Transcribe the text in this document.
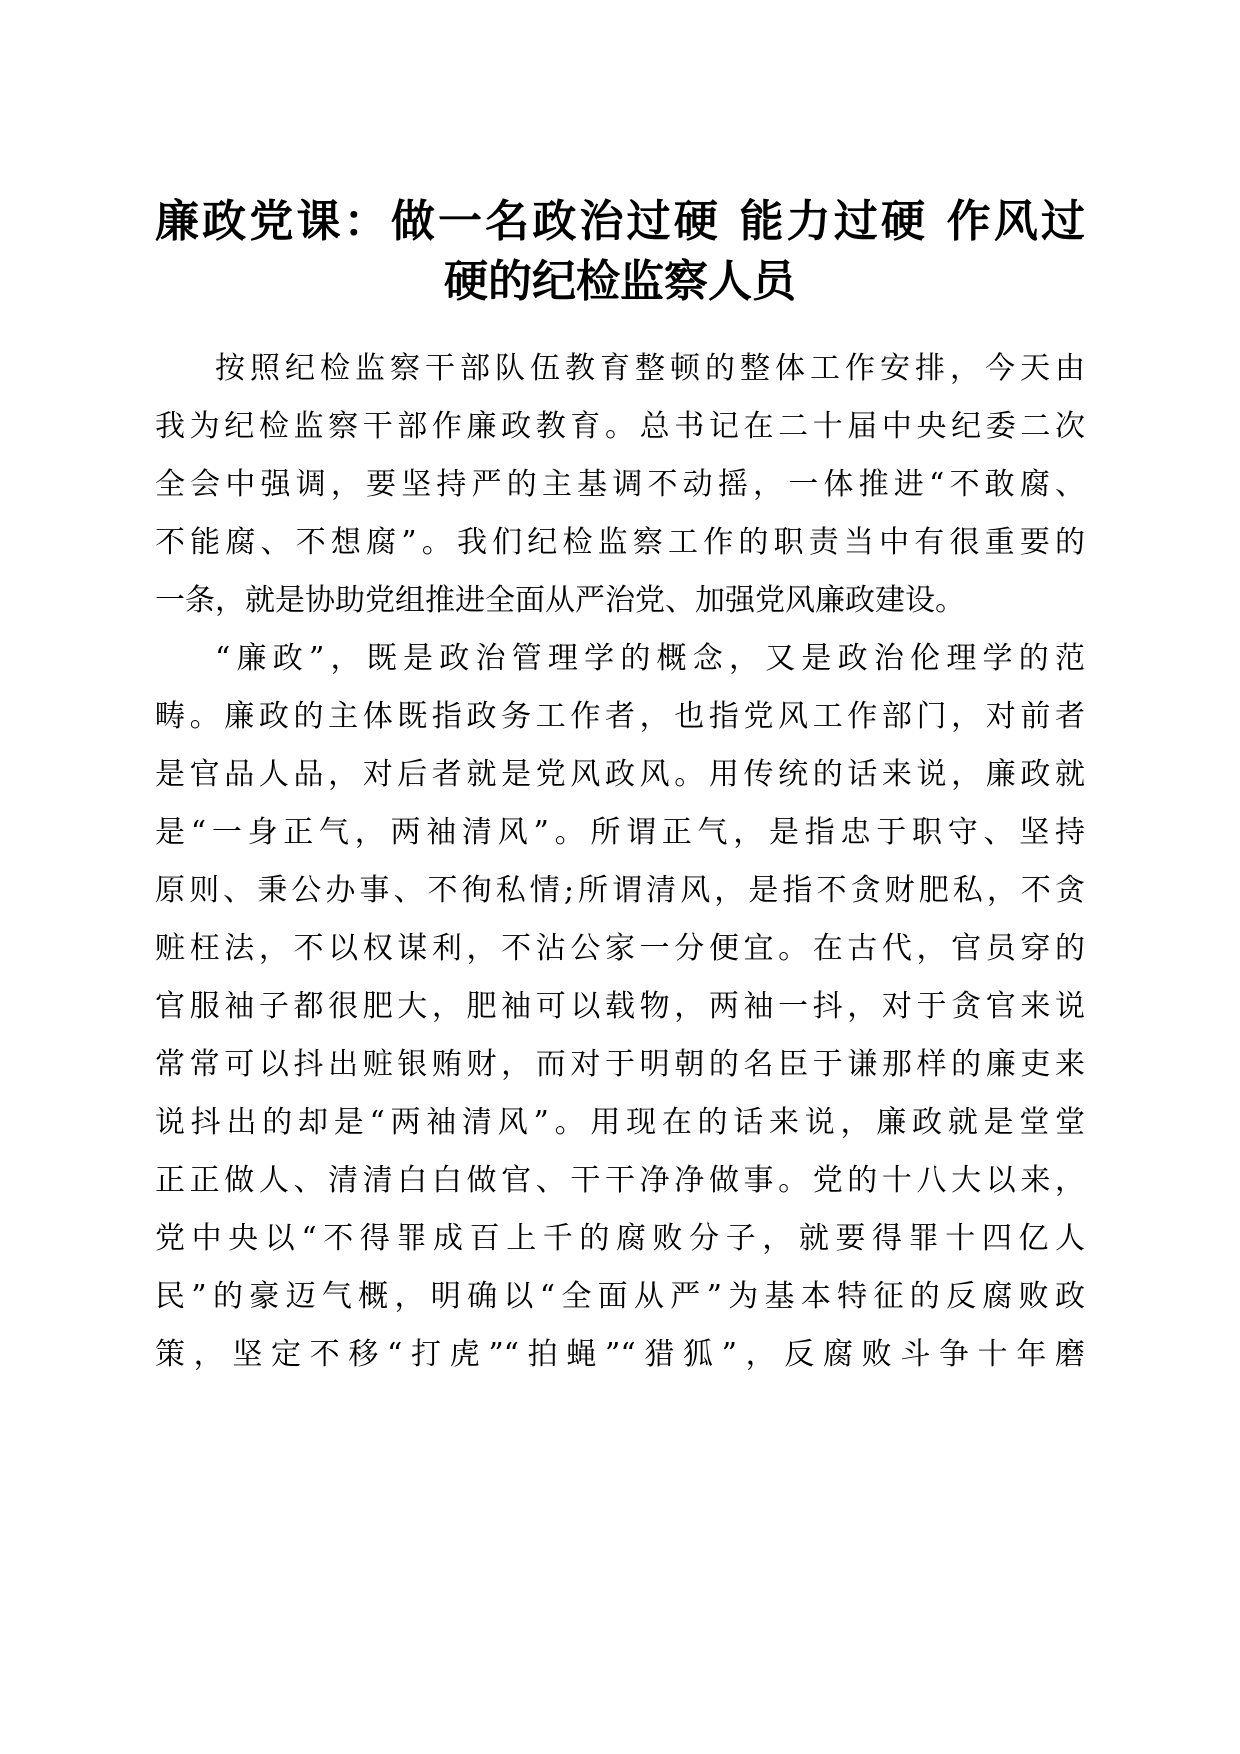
廉政党课：做一名政治过硬 能力过硬 作风过
硬的纪检监察人员
按照纪检监察干部队伍教育整顿的整体工作安排，今天由
我为纪检监察干部作廉政教育。总书记在二十届中央纪委二次
全会中强调，要坚持严的主基调不动摇，一体推进“不敢腐、
不能腐、不想腐”。我们纪检监察工作的职责当中有很重要的
一条，就是协助党组推进全面从严治党、加强党风廉政建设。
“廉政”，既是政治管理学的概念，又是政治伦理学的范
畴。廉政的主体既指政务工作者，也指党风工作部门，对前者
是官品人品，对后者就是党风政风。用传统的话来说，廉政就
是“一身正气，两袖清风”。所谓正气，是指忠于职守、坚持
原则、秉公办事、不徇私情;所谓清风，是指不贪财肥私，不贪
赃枉法，不以权谋利，不沾公家一分便宜。在古代，官员穿的
官服袖子都很肥大，肥袖可以载物，两袖一抖，对于贪官来说
常常可以抖出赃银贿财，而对于明朝的名臣于谦那样的廉吏来
说抖出的却是“两袖清风”。用现在的话来说，廉政就是堂堂
正正做人、清清白白做官、干干净净做事。党的十八大以来，
党中央以“不得罪成百上千的腐败分子，就要得罪十四亿人
民”的豪迈气概，明确以“全面从严”为基本特征的反腐败政
策，坚定不移“打虎”“拍蝇”“猎狐”，反腐败斗争十年磨
